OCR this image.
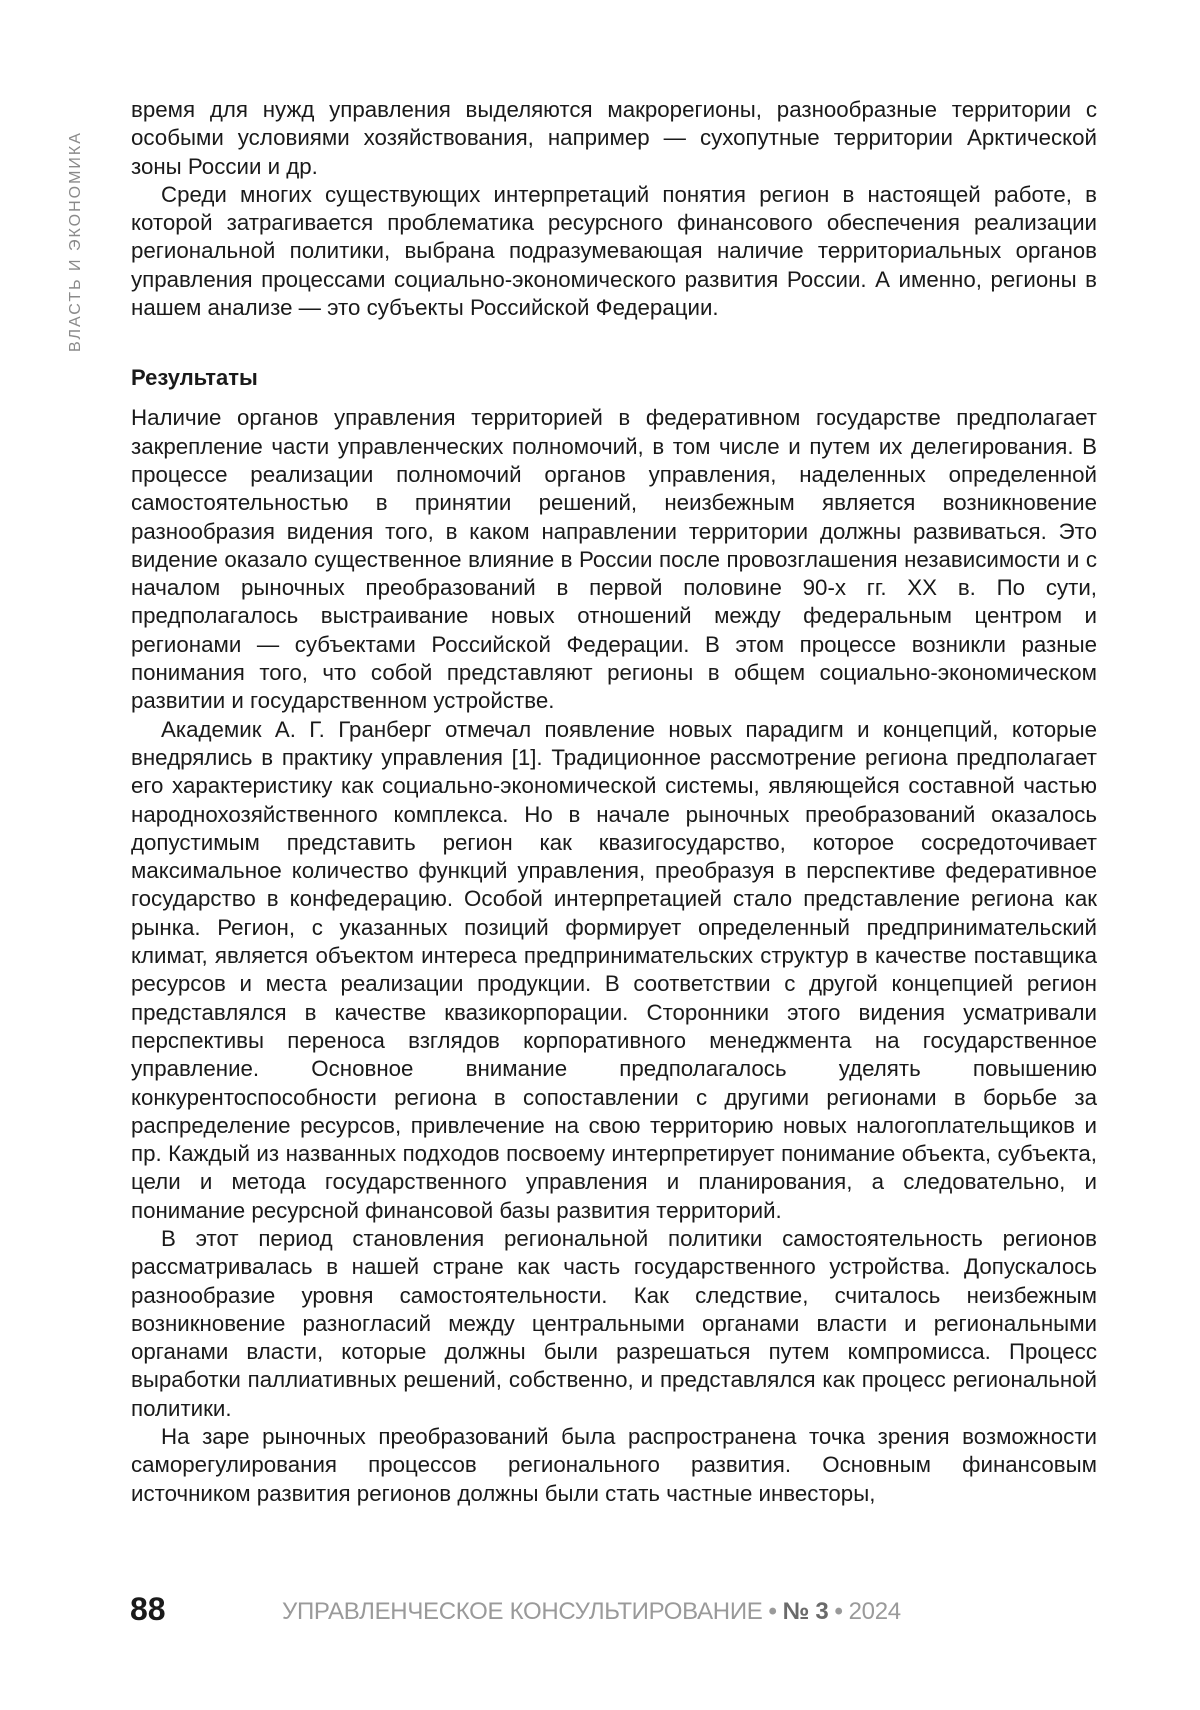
ВЛАСТЬ И ЭКОНОМИКА

время для нужд управления выделяются макрорегионы, разнообразные территории с особыми условиями хозяйствования, например — сухопутные территории Арктической зоны России и др.

Среди многих существующих интерпретаций понятия регион в настоящей работе, в которой затрагивается проблематика ресурсного финансового обеспечения реализации региональной политики, выбрана подразумевающая наличие территориальных органов управления процессами социально-экономического развития России. А именно, регионы в нашем анализе — это субъекты Российской Федерации.

Результаты

Наличие органов управления территорией в федеративном государстве предполагает закрепление части управленческих полномочий, в том числе и путем их делегирования. В процессе реализации полномочий органов управления, наделенных определенной самостоятельностью в принятии решений, неизбежным является возникновение разнообразия видения того, в каком направлении территории должны развиваться. Это видение оказало существенное влияние в России после провозглашения независимости и с началом рыночных преобразований в первой половине 90-х гг. XX в. По сути, предполагалось выстраивание новых отношений между федеральным центром и регионами — субъектами Российской Федерации. В этом процессе возникли разные понимания того, что собой представляют регионы в общем социально-экономическом развитии и государственном устройстве.

Академик А. Г. Гранберг отмечал появление новых парадигм и концепций, которые внедрялись в практику управления [1]. Традиционное рассмотрение региона предполагает его характеристику как социально-экономической системы, являющейся составной частью народнохозяйственного комплекса. Но в начале рыночных преобразований оказалось допустимым представить регион как квазигосударство, которое сосредоточивает максимальное количество функций управления, преобразуя в перспективе федеративное государство в конфедерацию. Особой интерпретацией стало представление региона как рынка. Регион, с указанных позиций формирует определенный предпринимательский климат, является объектом интереса предпринимательских структур в качестве поставщика ресурсов и места реализации продукции. В соответствии с другой концепцией регион представлялся в качестве квазикорпорации. Сторонники этого видения усматривали перспективы переноса взглядов корпоративного менеджмента на государственное управление. Основное внимание предполагалось уделять повышению конкурентоспособности региона в сопоставлении с другими регионами в борьбе за распределение ресурсов, привлечение на свою территорию новых налогоплательщиков и пр. Каждый из названных подходов посвоему интерпретирует понимание объекта, субъекта, цели и метода государственного управления и планирования, а следовательно, и понимание ресурсной финансовой базы развития территорий.

В этот период становления региональной политики самостоятельность регионов рассматривалась в нашей стране как часть государственного устройства. Допускалось разнообразие уровня самостоятельности. Как следствие, считалось неизбежным возникновение разногласий между центральными органами власти и региональными органами власти, которые должны были разрешаться путем компромисса. Процесс выработки паллиативных решений, собственно, и представлялся как процесс региональной политики.

На заре рыночных преобразований была распространена точка зрения возможности саморегулирования процессов регионального развития. Основным финансовым источником развития регионов должны были стать частные инвесторы,

88	УПРАВЛЕНЧЕСКОЕ КОНСУЛЬТИРОВАНИЕ • № 3 • 2024
